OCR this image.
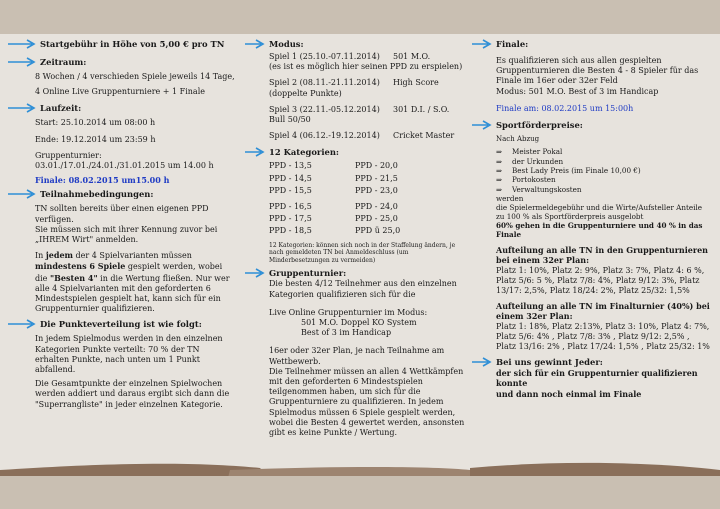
Startgebühr in Höhe von 5,00 € pro TN
Zeitraum:
8 Wochen / 4 verschieden Spiele jeweils 14 Tage,
4 Online Live Gruppenturniere + 1 Finale
Laufzeit:
Start: 25.10.2014 um 08:00 h
Ende: 19.12.2014 um 23:59 h
Gruppenturnier:
03.01./17.01./24.01./31.01.2015 um 14.00 h
Finale: 08.02.2015 um15.00 h
Teilnahmebedingungen:
TN sollten bereits über einen eigenen PPD verfügen.
Sie müssen sich mit ihrer Kennung zuvor bei „IHREM Wirt" anmelden.
In jedem der 4 Spielvarianten müssen mindestens 6 Spiele gespielt werden, wobei die "Besten 4" in die Wertung fließen. Nur wer alle 4 Spielvarianten mit den geforderten 6 Mindestspielen gespielt hat, kann sich für ein Gruppenturnier qualifizieren.
Die Punkteverteilung ist wie folgt:
In jedem Spielmodus werden in den einzelnen Kategorien Punkte verteilt: 70 % der TN erhalten Punkte, nach unten um 1 Punkt abfallend.
Die Gesamtpunkte der einzelnen Spielwochen werden addiert und daraus ergibt sich dann die "Superrangliste" in jeder einzelnen Kategorie.
Modus:
Spiel 1 (25.10.-07.11.2014)	501 M.O.
(es ist es möglich hier seinen PPD zu erspielen)
Spiel 2 (08.11.-21.11.2014)	High Score
(doppelte Punkte)
Spiel 3 (22.11.-05.12.2014)	301 D.I. / S.O.
Bull 50/50
Spiel 4 (06.12.-19.12.2014)	Cricket Master
12 Kategorien:
PPD - 13,5	PPD - 20,0
PPD - 14,5	PPD - 21,5
PPD - 15,5	PPD - 23,0
PPD - 16,5	PPD - 24,0
PPD - 17,5	PPD - 25,0
PPD - 18,5	PPD ü 25,0
12 Kategorien: können sich noch in der Staffelung ändern, je nach gemeldeten TN bei Anmeldeschluss (um Minderbesetzungen zu vermeiden)
Gruppenturnier:
Die besten 4/12 Teilnehmer aus den einzelnen Kategorien qualifizieren sich für die
Live Online Gruppenturnier im Modus:
501 M.O. Doppel KO System
Best of 3 im Handicap
16er oder 32er Plan, je nach Teilnahme am Wettbewerb.
Die Teilnehmer müssen an allen 4 Wettkämpfen mit den geforderten 6 Mindestspielen teilgenommen haben, um sich für die Gruppenturniere zu qualifizieren. In jedem Spielmodus müssen 6 Spiele gespielt werden, wobei die Besten 4 gewertet werden, ansonsten gibt es keine Punkte / Wertung.
Finale:
Es qualifizieren sich aus allen gespielten Gruppenturnieren die Besten 4 - 8 Spieler für das Finale im 16er oder 32er Feld
Modus: 501 M.O. Best of 3 im Handicap
Finale am: 08.02.2015 um 15:00h
Sportförderpreise:
Nach Abzug
⇒	Meister Pokal
⇒	der Urkunden
⇒	Best Lady Preis (im Finale 10,00 €)
⇒	Portokosten
⇒	Verwaltungskosten
werden
die Spielermeldegebühr und die Wirte/Aufsteller Anteile zu 100 % als Sportförderpreis ausgelobt
60% gehen in die Gruppenturniere und 40 % in das Finale
Aufteilung an alle TN in den Gruppenturnieren bei einem 32er Plan:
Platz 1: 10%, Platz 2: 9%, Platz 3: 7%, Platz 4: 6 %, Platz 5/6: 5 %, Platz 7/8: 4%, Platz 9/12: 3%, Platz 13/17: 2,5%, Platz 18/24: 2%, Platz 25/32: 1,5%
Aufteilung an alle TN im Finalturnier (40%) bei einem 32er Plan:
Platz 1: 18%, Platz 2:13%, Platz 3: 10%, Platz 4: 7%, Platz 5/6: 4% , Platz 7/8: 3% , Platz 9/12: 2,5% , Platz 13/16: 2% , Platz 17/24: 1,5% , Platz 25/32: 1%
Bei uns gewinnt Jeder:
der sich für ein Gruppenturnier qualifizieren konnte
und dann noch einmal im Finale
